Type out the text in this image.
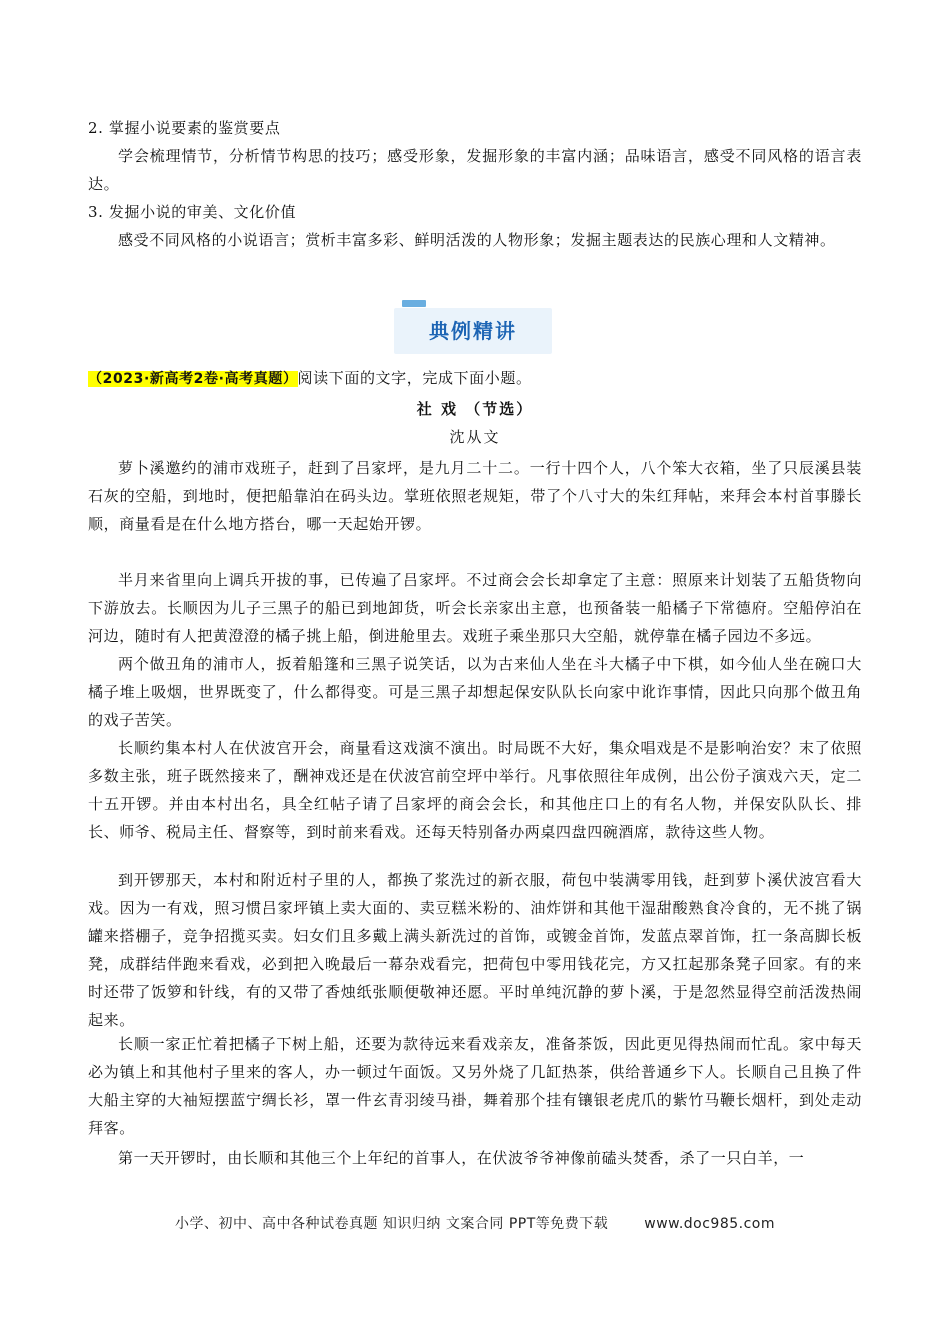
2. 掌握小说要素的鉴赏要点

学会梳理情节，分析情节构思的技巧；感受形象，发掘形象的丰富内涵；品味语言，感受不同风格的语言表达。

3. 发掘小说的审美、文化价值

感受不同风格的小说语言；赏析丰富多彩、鲜明活泼的人物形象；发掘主题表达的民族心理和人文精神。

典例精讲
（2023·新高考2卷·高考真题）阅读下面的文字，完成下面小题。
社 戏 （节选）
沈从文

萝卜溪邀约的浦市戏班子，赶到了吕家坪，是九月二十二。一行十四个人，八个笨大衣箱，坐了只辰溪县装石灰的空船，到地时，便把船靠泊在码头边。掌班依照老规矩，带了个八寸大的朱红拜帖，来拜会本村首事滕长顺，商量看是在什么地方搭台，哪一天起始开锣。

半月来省里向上调兵开拔的事，已传遍了吕家坪。不过商会会长却拿定了主意：照原来计划装了五船货物向下游放去。长顺因为儿子三黑子的船已到地卸货，听会长亲家出主意，也预备装一船橘子下常德府。空船停泊在河边，随时有人把黄澄澄的橘子挑上船，倒进舱里去。戏班子乘坐那只大空船，就停靠在橘子园边不多远。

两个做丑角的浦市人，扳着船篷和三黑子说笑话，以为古来仙人坐在斗大橘子中下棋，如今仙人坐在碗口大橘子堆上吸烟，世界既变了，什么都得变。可是三黑子却想起保安队队长向家中讹诈事情，因此只向那个做丑角的戏子苦笑。

长顺约集本村人在伏波宫开会，商量看这戏演不演出。时局既不大好，集众唱戏是不是影响治安？末了依照多数主张，班子既然接来了，酬神戏还是在伏波宫前空坪中举行。凡事依照往年成例，出公份子演戏六天，定二十五开锣。并由本村出名，具全红帖子请了吕家坪的商会会长，和其他庄口上的有名人物，并保安队队长、排长、师爷、税局主任、督察等，到时前来看戏。还每天特别备办两桌四盘四碗酒席，款待这些人物。

到开锣那天，本村和附近村子里的人，都换了浆洗过的新衣服，荷包中装满零用钱，赶到萝卜溪伏波宫看大戏。因为一有戏，照习惯吕家坪镇上卖大面的、卖豆糕米粉的、油炸饼和其他干湿甜酸熟食冷食的，无不挑了锅罐来搭棚子，竞争招揽买卖。妇女们且多戴上满头新洗过的首饰，或镀金首饰，发蓝点翠首饰，扛一条高脚长板凳，成群结伴跑来看戏，必到把入晚最后一幕杂戏看完，把荷包中零用钱花完，方又扛起那条凳子回家。有的来时还带了饭箩和针线，有的又带了香烛纸张顺便敬神还愿。平时单纯沉静的萝卜溪，于是忽然显得空前活泼热闹起来。

长顺一家正忙着把橘子下树上船，还要为款待远来看戏亲友，准备茶饭，因此更见得热闹而忙乱。家中每天必为镇上和其他村子里来的客人，办一顿过午面饭。又另外烧了几缸热茶，供给普通乡下人。长顺自己且换了件大船主穿的大袖短摆蓝宁绸长衫，罩一件玄青羽绫马褂，舞着那个挂有镶银老虎爪的紫竹马鞭长烟杆，到处走动拜客。

第一天开锣时，由长顺和其他三个上年纪的首事人，在伏波爷爷神像前磕头焚香，杀了一只白羊，一

小学、初中、高中各种试卷真题 知识归纳 文案合同 PPT等免费下载	www.doc985.com
